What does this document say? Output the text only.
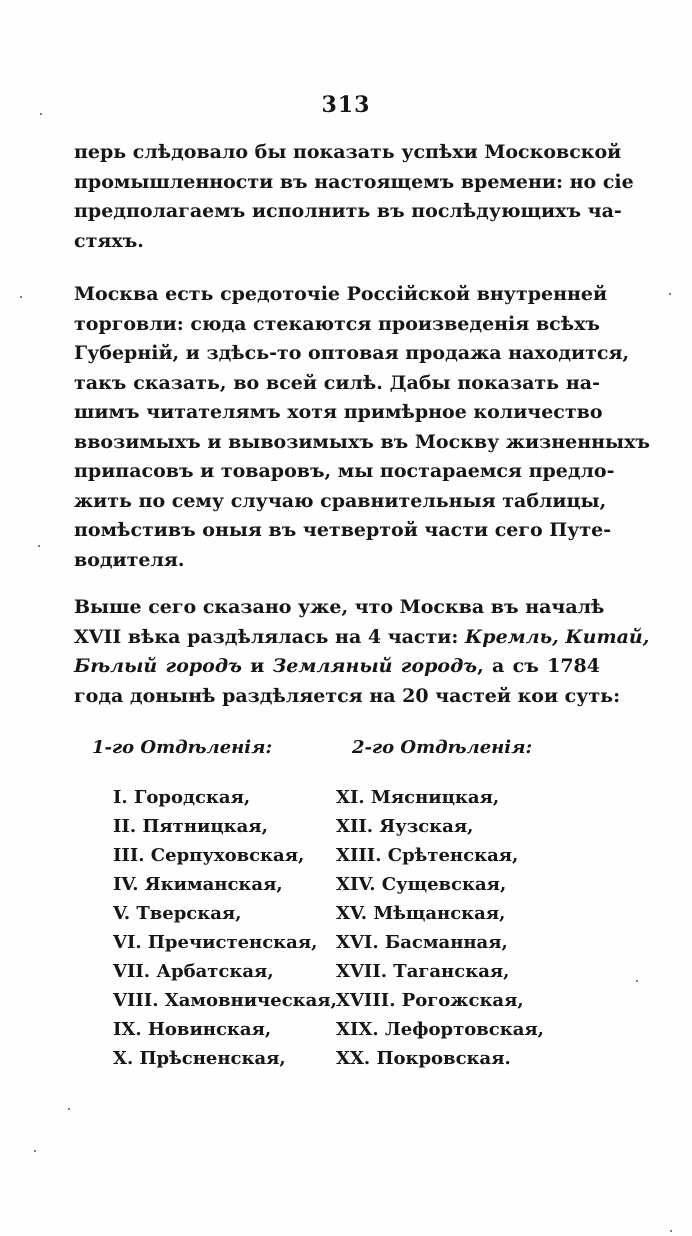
313
перь слѣдовало бы показать успѣхи Московской
промышленности въ настоящемъ времени: но сіе
предполагаемъ исполнить въ послѣдующихъ ча-
стяхъ.
Москва есть средоточіе Россійской внутренней
торговли: сюда стекаются произведенія всѣхъ
Губерній, и здѣсь-то оптовая продажа находится,
такъ сказать, во всей силѣ. Дабы показать на-
шимъ читателямъ хотя примѣрное количество
ввозимыхъ и вывозимыхъ въ Москву жизненныхъ
припасовъ и товаровъ, мы постараемся предло-
жить по сему случаю сравнительныя таблицы,
помѣстивъ оныя въ четвертой части сего Путе-
водителя.
Выше сего сказано уже, что Москва въ началѣ
XVII вѣка раздѣлялась на 4 части: Кремль, Китай,
Бѣлый городъ и Земляный городъ, а съ 1784
года донынѣ раздѣляется на 20 частей кои суть:
1-го Отдѣленія:	2-го Отдѣленія:
I. Городская,
II. Пятницкая,
III. Серпуховская,
IV. Якиманская,
V. Тверская,
VI. Пречистенская,
VII. Арбатская,
VIII. Хамовническая,
IX. Новинская,
X. Прѣсненская,
XI. Мясницкая,
XII. Яузская,
XIII. Срѣтенская,
XIV. Сущевская,
XV. Мѣщанская,
XVI. Басманная,
XVII. Таганская,
XVIII. Рогожская,
XIX. Лефортовская,
XX. Покровская.
